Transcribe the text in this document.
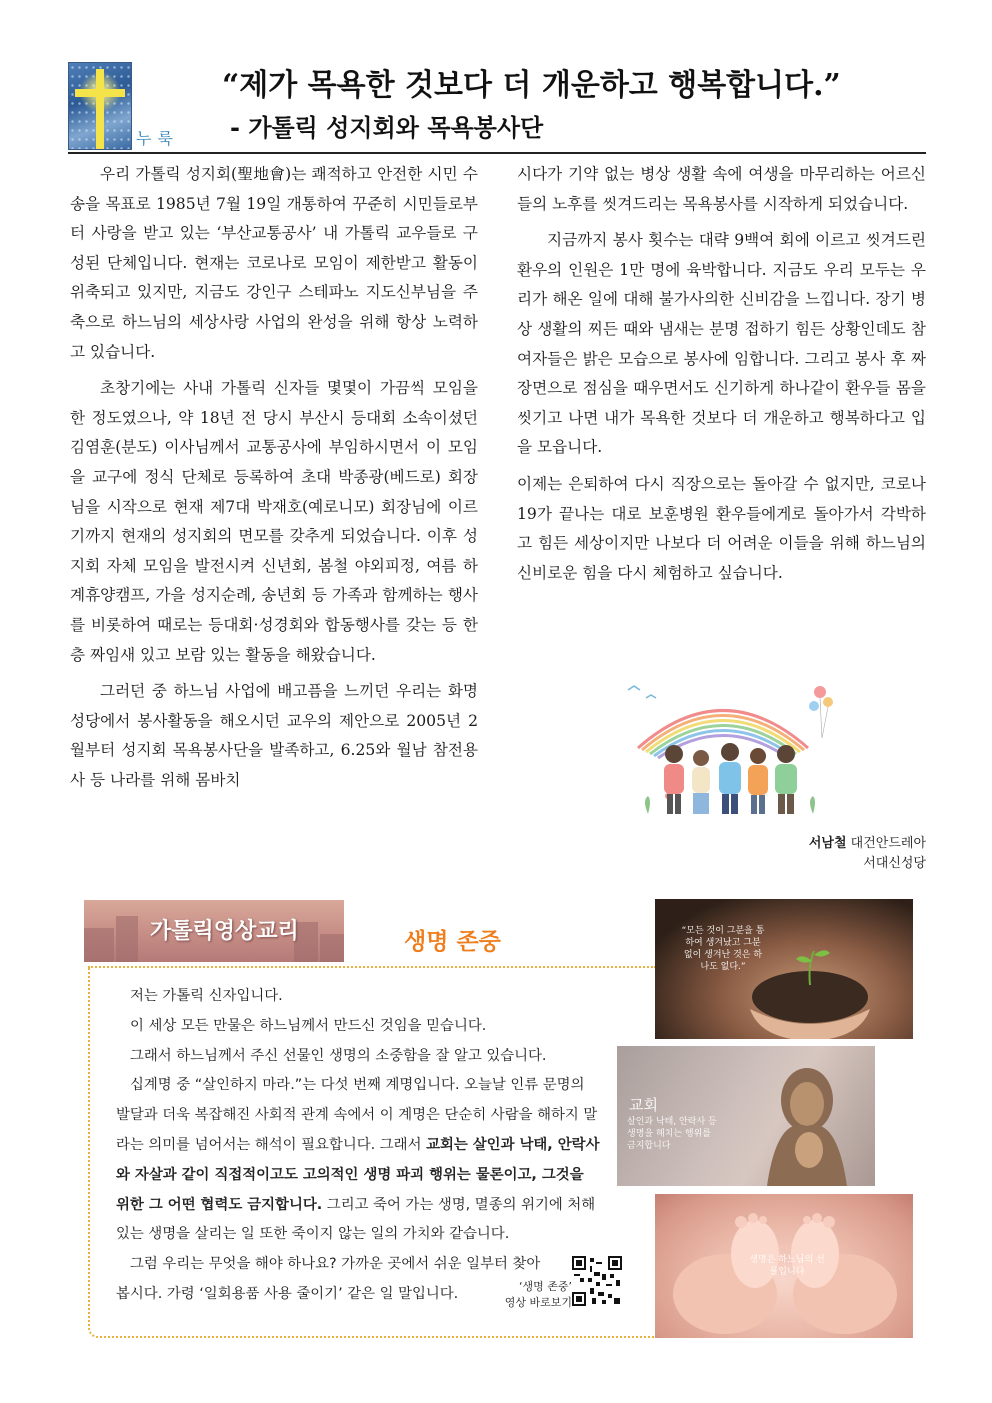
누룩
“제가 목욕한 것보다 더 개운하고 행복합니다.”
- 가톨릭 성지회와 목욕봉사단

우리 가톨릭 성지회(聖地會)는 쾌적하고 안전한 시민 수송을 목표로 1985년 7월 19일 개통하여 꾸준히 시민들로부터 사랑을 받고 있는 ‘부산교통공사’ 내 가톨릭 교우들로 구성된 단체입니다. 현재는 코로나로 모임이 제한받고 활동이 위축되고 있지만, 지금도 강인구 스테파노 지도신부님을 주축으로 하느님의 세상사랑 사업의 완성을 위해 항상 노력하고 있습니다.

초창기에는 사내 가톨릭 신자들 몇몇이 가끔씩 모임을 한 정도였으나, 약 18년 전 당시 부산시 등대회 소속이셨던 김염훈(분도) 이사님께서 교통공사에 부임하시면서 이 모임을 교구에 정식 단체로 등록하여 초대 박종광(베드로) 회장님을 시작으로 현재 제7대 박재호(예로니모) 회장님에 이르기까지 현재의 성지회의 면모를 갖추게 되었습니다. 이후 성지회 자체 모임을 발전시켜 신년회, 봄철 야외피정, 여름 하계휴양캠프, 가을 성지순례, 송년회 등 가족과 함께하는 행사를 비롯하여 때로는 등대회·성경회와 합동행사를 갖는 등 한층 짜임새 있고 보람 있는 활동을 해왔습니다.

그러던 중 하느님 사업에 배고픔을 느끼던 우리는 화명성당에서 봉사활동을 해오시던 교우의 제안으로 2005년 2월부터 성지회 목욕봉사단을 발족하고, 6.25와 월남 참전용사 등 나라를 위해 몸바치

시다가 기약 없는 병상 생활 속에 여생을 마무리하는 어르신들의 노후를 씻겨드리는 목욕봉사를 시작하게 되었습니다.

지금까지 봉사 횟수는 대략 9백여 회에 이르고 씻겨드린 환우의 인원은 1만 명에 육박합니다. 지금도 우리 모두는 우리가 해온 일에 대해 불가사의한 신비감을 느낍니다. 장기 병상 생활의 찌든 때와 냄새는 분명 접하기 힘든 상황인데도 참여자들은 밝은 모습으로 봉사에 임합니다. 그리고 봉사 후 짜장면으로 점심을 때우면서도 신기하게 하나같이 환우들 몸을 씻기고 나면 내가 목욕한 것보다 더 개운하고 행복하다고 입을 모읍니다.

이제는 은퇴하여 다시 직장으로는 돌아갈 수 없지만, 코로나19가 끝나는 대로 보훈병원 환우들에게로 돌아가서 각박하고 힘든 세상이지만 나보다 더 어려운 이들을 위해 하느님의 신비로운 힘을 다시 체험하고 싶습니다.

서남철 대건안드레아
서대신성당
가톨릭영상교리	생명 존중

저는 가톨릭 신자입니다.

이 세상 모든 만물은 하느님께서 만드신 것임을 믿습니다.

그래서 하느님께서 주신 선물인 생명의 소중함을 잘 알고 있습니다.

십계명 중 “살인하지 마라.”는 다섯 번째 계명입니다. 오늘날 인류 문명의 발달과 더욱 복잡해진 사회적 관계 속에서 이 계명은 단순히 사람을 해하지 말라는 의미를 넘어서는 해석이 필요합니다. 그래서 교회는 살인과 낙태, 안락사와 자살과 같이 직접적이고도 고의적인 생명 파괴 행위는 물론이고, 그것을 위한 그 어떤 협력도 금지합니다. 그리고 죽어 가는 생명, 멸종의 위기에 처해있는 생명을 살리는 일 또한 죽이지 않는 일의 가치와 같습니다.

그럼 우리는 무엇을 해야 하나요? 가까운 곳에서 쉬운 일부터 찾아

봅시다. 가령 ‘일회용품 사용 줄이기’ 같은 일 말입니다.	‘생명 존중’
영상 바로보기
“모든 것이 그분을 통하여 생겨났고 그분 없이 생겨난 것은 하나도 없다.”
교회
살인과 낙태, 안락사 등 생명을 해치는 행위를 금지합니다
생명은 하느님의 선물입니다
